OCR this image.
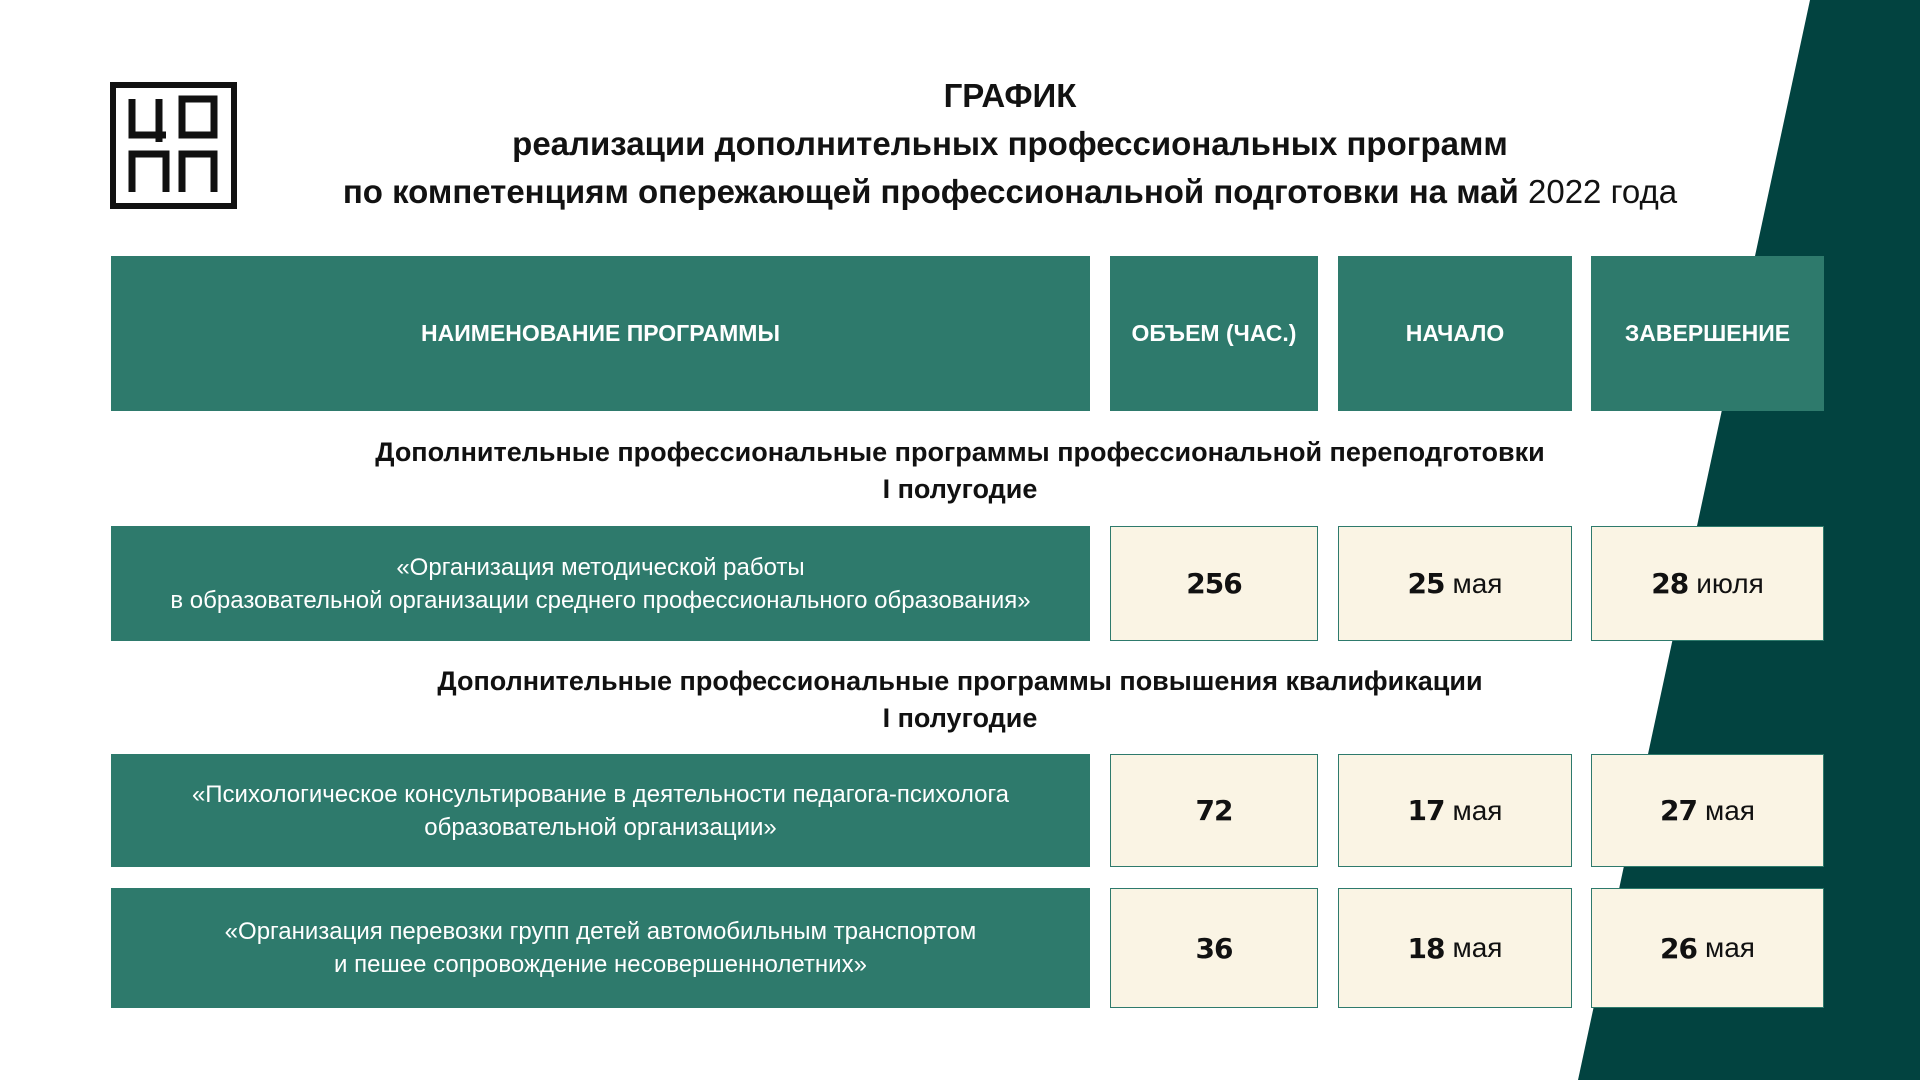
ГРАФИК
реализации дополнительных профессиональных программ
по компетенциям опережающей профессиональной подготовки на май 2022 года
НАИМЕНОВАНИЕ ПРОГРАММЫ	ОБЪЕМ (ЧАС.)	НАЧАЛО	ЗАВЕРШЕНИЕ
Дополнительные профессиональные программы профессиональной переподготовки
I полугодие
«Организация методической работы
в образовательной организации среднего профессионального образования»	256	25 мая	28 июля
Дополнительные профессиональные программы повышения квалификации
I полугодие
«Психологическое консультирование в деятельности педагога-психолога
образовательной организации»	72	17 мая	27 мая
«Организация перевозки групп детей автомобильным транспортом
и пешее сопровождение несовершеннолетних»	36	18 мая	26 мая
